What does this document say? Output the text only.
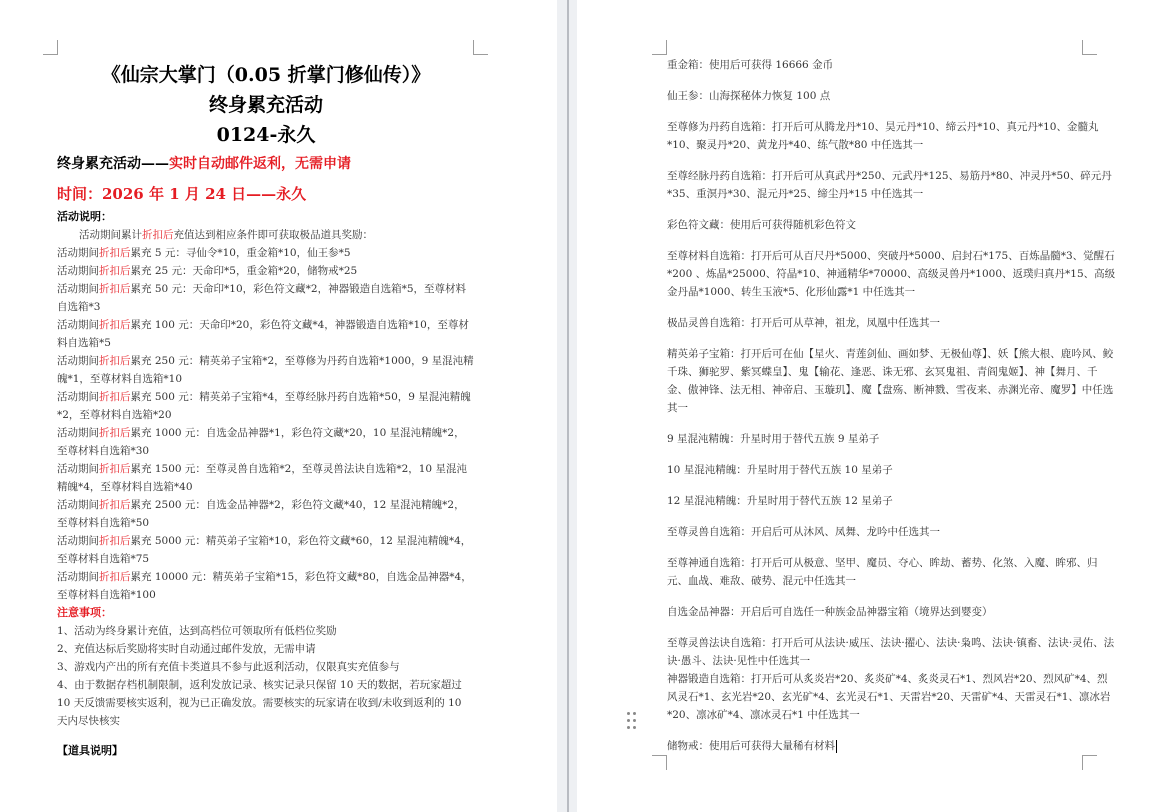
《仙宗大掌门（0.05 折掌门修仙传）》
终身累充活动
0124-永久
终身累充活动——实时自动邮件返利，无需申请
时间：2026 年 1 月 24 日——永久
活动说明：
活动期间累计折扣后充值达到相应条件即可获取极品道具奖励：
活动期间折扣后累充 5 元：寻仙令*10，重金箱*10，仙王参*5
活动期间折扣后累充 25 元：天命印*5，重金箱*20，储物戒*25
活动期间折扣后累充 50 元：天命印*10，彩色符文藏*2，神器锻造自选箱*5，至尊材料自选箱*3
活动期间折扣后累充 100 元：天命印*20，彩色符文藏*4，神器锻造自选箱*10，至尊材料自选箱*5
活动期间折扣后累充 250 元：精英弟子宝箱*2，至尊修为丹药自选箱*1000，9 星混沌精魄*1，至尊材料自选箱*10
活动期间折扣后累充 500 元：精英弟子宝箱*4，至尊经脉丹药自选箱*50，9 星混沌精魄*2，至尊材料自选箱*20
活动期间折扣后累充 1000 元：自选金品神器*1，彩色符文藏*20，10 星混沌精魄*2，至尊材料自选箱*30
活动期间折扣后累充 1500 元：至尊灵兽自选箱*2，至尊灵兽法诀自选箱*2，10 星混沌精魄*4，至尊材料自选箱*40
活动期间折扣后累充 2500 元：自选金品神器*2，彩色符文藏*40，12 星混沌精魄*2，至尊材料自选箱*50
活动期间折扣后累充 5000 元：精英弟子宝箱*10，彩色符文藏*60，12 星混沌精魄*4，至尊材料自选箱*75
活动期间折扣后累充 10000 元：精英弟子宝箱*15，彩色符文藏*80，自选金品神器*4，至尊材料自选箱*100
注意事项：
1、活动为终身累计充值，达到高档位可领取所有低档位奖励
2、充值达标后奖励将实时自动通过邮件发放，无需申请
3、游戏内产出的所有充值卡类道具不参与此返利活动，仅限真实充值参与
4、由于数据存档机制限制，返利发放记录、核实记录只保留 10 天的数据，若玩家超过 10 天反馈需要核实返利，视为已正确发放。需要核实的玩家请在收到/未收到返利的 10 天内尽快核实
【道具说明】

重金箱：使用后可获得 16666 金币

仙王参：山海探秘体力恢复 100 点

至尊修为丹药自选箱：打开后可从腾龙丹*10、昊元丹*10、缔云丹*10、真元丹*10、金髓丸*10、聚灵丹*20、黄龙丹*40、练气散*80 中任选其一

至尊经脉丹药自选箱：打开后可从真武丹*250、元武丹*125、易筋丹*80、冲灵丹*50、碎元丹*35、重溟丹*30、混元丹*25、缔尘丹*15 中任选其一

彩色符文藏：使用后可获得随机彩色符文

至尊材料自选箱：打开后可从百尺丹*5000、突破丹*5000、启封石*175、百炼晶髓*3、觉醒石*200 、炼晶*25000、符晶*10、神通精华*70000、高级灵兽丹*1000、返璞归真丹*15、高级金丹晶*1000、转生玉液*5、化形仙露*1 中任选其一

极品灵兽自选箱：打开后可从草神，祖龙，凤凰中任选其一

精英弟子宝箱：打开后可在仙【星火、青莲剑仙、画如梦、无极仙尊】、妖【熊大根、鹿吟风、鲛千珠、狮驼罗、紫冥蝶皇】、鬼【输花、逢恶、诛无邪、玄冥鬼祖、青阎鬼姬】、神【舞月、千金、傲神锋、法无相、神帝启、玉璇玑】、魔【盘殇、断神戮、雪夜来、赤渊光帝、魔罗】中任选其一

9 星混沌精魄：升星时用于替代五族 9 星弟子

10 星混沌精魄：升星时用于替代五族 10 星弟子

12 星混沌精魄：升星时用于替代五族 12 星弟子

至尊灵兽自选箱：开启后可从沐风、凤舞、龙吟中任选其一

至尊神通自选箱：打开后可从极意、坚甲、魔员、夺心、眸劫、蓄势、化煞、入魔、眸邪、归元、血战、难敌、破势、混元中任选其一

自选金品神器：开启后可自选任一种族金品神器宝箱（境界达到婴变）

至尊灵兽法诀自选箱：打开后可从法诀·威压、法诀·擢心、法诀·枭鸣、法诀·镇畜、法诀·灵佑、法诀·愚斗、法诀·见性中任选其一

神器锻造自选箱：打开后可从炙炎岩*20、炙炎矿*4、炙炎灵石*1、烈风岩*20、烈风矿*4、烈风灵石*1、玄光岩*20、玄光矿*4、玄光灵石*1、天雷岩*20、天雷矿*4、天雷灵石*1、凛冰岩*20、凛冰矿*4、凛冰灵石*1 中任选其一

储物戒：使用后可获得大量稀有材料
